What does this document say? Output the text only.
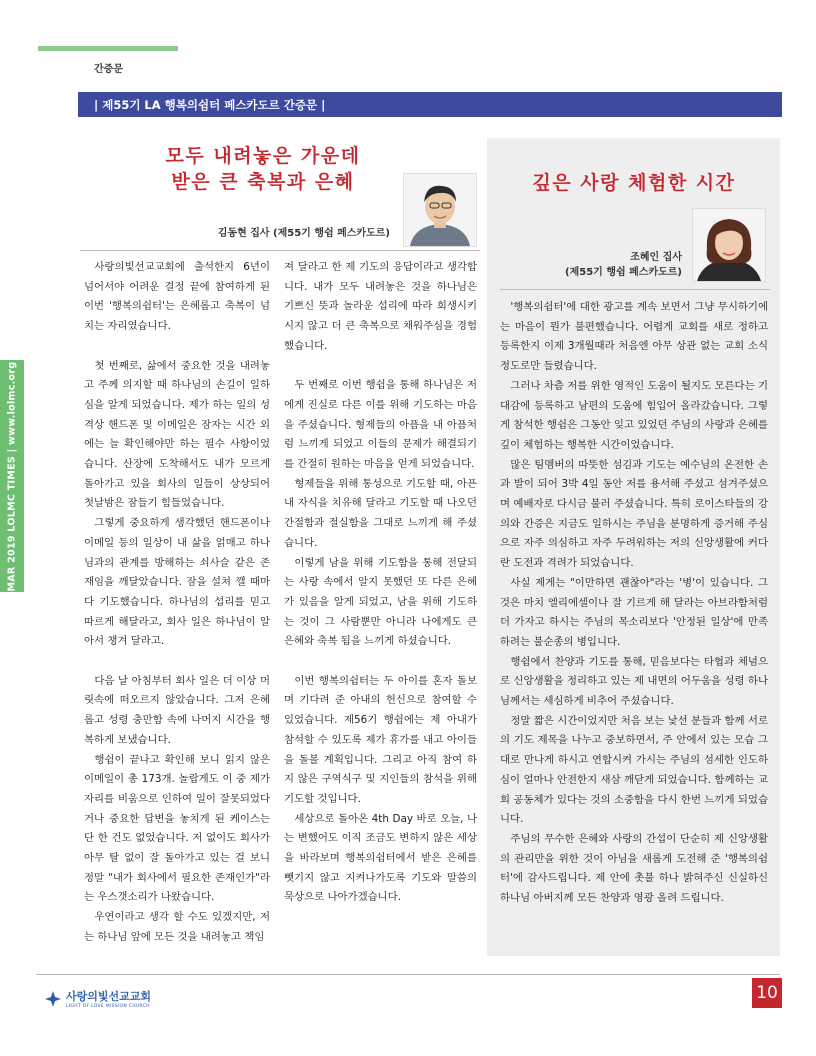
간증문
MAR 2019 LOLMC TIMES | www.lolmc.org
| 제55기 LA 행복의쉼터 페스카도르 간증문 |
모두 내려놓은 가운데
받은 큰 축복과 은혜
김동현 집사 (제55기 행쉼 페스카도르)

사랑의빛선교교회에 출석한지 6년이 넘어서야 어려운 결정 끝에 참여하게 된 이번 '행복의쉼터'는 은혜롭고 축복이 넘치는 자리였습니다.

첫 번째로, 삶에서 중요한 것을 내려놓고 주께 의지할 때 하나님의 손길이 일하심을 알게 되었습니다. 제가 하는 일의 성격상 핸드폰 및 이메일은 잠자는 시간 외에는 늘 확인해야만 하는 필수 사항이었습니다. 산장에 도착해서도 내가 모르게 돌아가고 있을 회사의 일들이 상상되어 첫날밤은 잠들기 힘들었습니다.

그렇게 중요하게 생각했던 핸드폰이나 이메일 등의 일상이 내 삶을 얽매고 하나님과의 관계를 방해하는 쇠사슬 같은 존재임을 깨달았습니다. 잠을 설쳐 깰 때마다 기도했습니다. 하나님의 섭리를 믿고 따르게 해달라고, 회사 일은 하나님이 알아서 챙겨 달라고.

다음 날 아침부터 회사 일은 더 이상 머릿속에 떠오르지 않았습니다. 그저 은혜롭고 성령 충만함 속에 나머지 시간을 행복하게 보냈습니다.

행쉼이 끝나고 확인해 보니 읽지 않은 이메일이 총 173개. 놀랍게도 이 중 제가 자리를 비움으로 인하여 일이 잘못되었다거나 중요한 답변을 놓치게 된 케이스는 단 한 건도 없었습니다. 저 없이도 회사가 아무 탈 없이 잘 돌아가고 있는 걸 보니 정말 "내가 회사에서 필요한 존재인가"라는 우스갯소리가 나왔습니다.

우연이라고 생각 할 수도 있겠지만, 저는 하나님 앞에 모든 것을 내려놓고 책임

져 달라고 한 제 기도의 응답이라고 생각합니다. 내가 모두 내려놓은 것을 하나님은 기쁘신 뜻과 놀라운 섭리에 따라 희생시키시지 않고 더 큰 축복으로 채워주심을 경험했습니다.

두 번째로 이번 행쉼을 통해 하나님은 저에게 진실로 다른 이를 위해 기도하는 마음을 주셨습니다. 형제들의 아픔을 내 아픔처럼 느끼게 되었고 이들의 문제가 해결되기를 간절히 원하는 마음을 얻게 되었습니다.

형제들을 위해 통성으로 기도할 때, 아픈 내 자식을 치유해 달라고 기도할 때 나오던 간절함과 절실함을 그대로 느끼게 해 주셨습니다.

이렇게 남을 위해 기도함을 통해 전달되는 사랑 속에서 알지 못했던 또 다른 은혜가 있음을 알게 되었고, 남을 위해 기도하는 것이 그 사람뿐만 아니라 나에게도 큰 은혜와 축복 됨을 느끼게 하셨습니다.

이번 행복의쉼터는 두 아이를 혼자 돌보며 기다려 준 아내의 헌신으로 참여할 수 있었습니다. 제56기 행쉼에는 제 아내가 참석할 수 있도록 제가 휴가를 내고 아이들을 돌볼 계획입니다. 그리고 아직 참여 하지 않은 구역식구 및 지인들의 참석을 위해 기도할 것입니다.

세상으로 돌아온 4th Day 바로 오늘, 나는 변했어도 이직 조금도 변하지 않은 세상을 바라보며 행복의쉼터에서 받은 은혜를 뺏기지 않고 지켜나가도록 기도와 말씀의 묵상으로 나아가겠습니다.

깊은 사랑 체험한 시간
조혜인 집사
(제55기 행쉼 페스카도르)

'행복의쉼터'에 대한 광고를 계속 보면서 그냥 무시하기에는 마음이 뭔가 불편했습니다. 어렵게 교회를 새로 정하고 등록한지 이제 3개월때라 처음엔 아무 상관 없는 교회 소식 정도로만 들렸습니다.

그러나 차츰 저를 위한 영적인 도움이 될지도 모른다는 기대감에 등록하고 남편의 도움에 힘입어 올라갔습니다. 그렇게 참석한 행쉼은 그동안 잊고 있었던 주님의 사랑과 은혜를 깊이 체험하는 행복한 시간이었습니다.

많은 팀멤버의 따뜻한 섬김과 기도는 예수님의 온전한 손과 발이 되어 3박 4일 동안 저를 용서해 주셨고 섬겨주셨으며 예배자로 다시금 불러 주셨습니다. 특히 로이스타들의 강의와 간증은 지금도 일하시는 주님을 분명하게 증거해 주심으로 자주 의심하고 자주 두려워하는 저의 신앙생활에 커다란 도전과 격려가 되었습니다.

사실 제게는 "이만하면 괜찮아"라는 '병'이 있습니다. 그것은 마치 엘리에셀이나 잘 기르게 해 달라는 아브라함처럼 더 가자고 하시는 주님의 목소리보다 '안정된 일상'에 만족하려는 불순종의 병입니다.

행쉼에서 찬양과 기도를 통해, 믿음보다는 타협과 체념으로 신앙생활을 정리하고 있는 제 내면의 어두움을 성령 하나님께서는 세심하게 비추어 주셨습니다.

정말 짧은 시간이었지만 처음 보는 낯선 분들과 함께 서로의 기도 제목을 나누고 중보하면서, 주 안에서 있는 모습 그대로 만나게 하시고 연합시켜 가시는 주님의 섬세한 인도하심이 얼마나 안전한지 새삼 깨닫게 되었습니다. 함께하는 교회 공동체가 있다는 것의 소중함을 다시 한번 느끼게 되었습니다.

주님의 무수한 은혜와 사랑의 간섭이 단순히 제 신앙생활의 관리만을 위한 것이 아님을 새롭게 도전해 준 '행복의쉼터'에 감사드립니다. 제 안에 촛불 하나 밝혀주신 신실하신 하나님 아버지께 모든 찬양과 영광 올려 드립니다.

사랑의빛선교교회
LIGHT OF LOVE MISSION CHURCH
10
